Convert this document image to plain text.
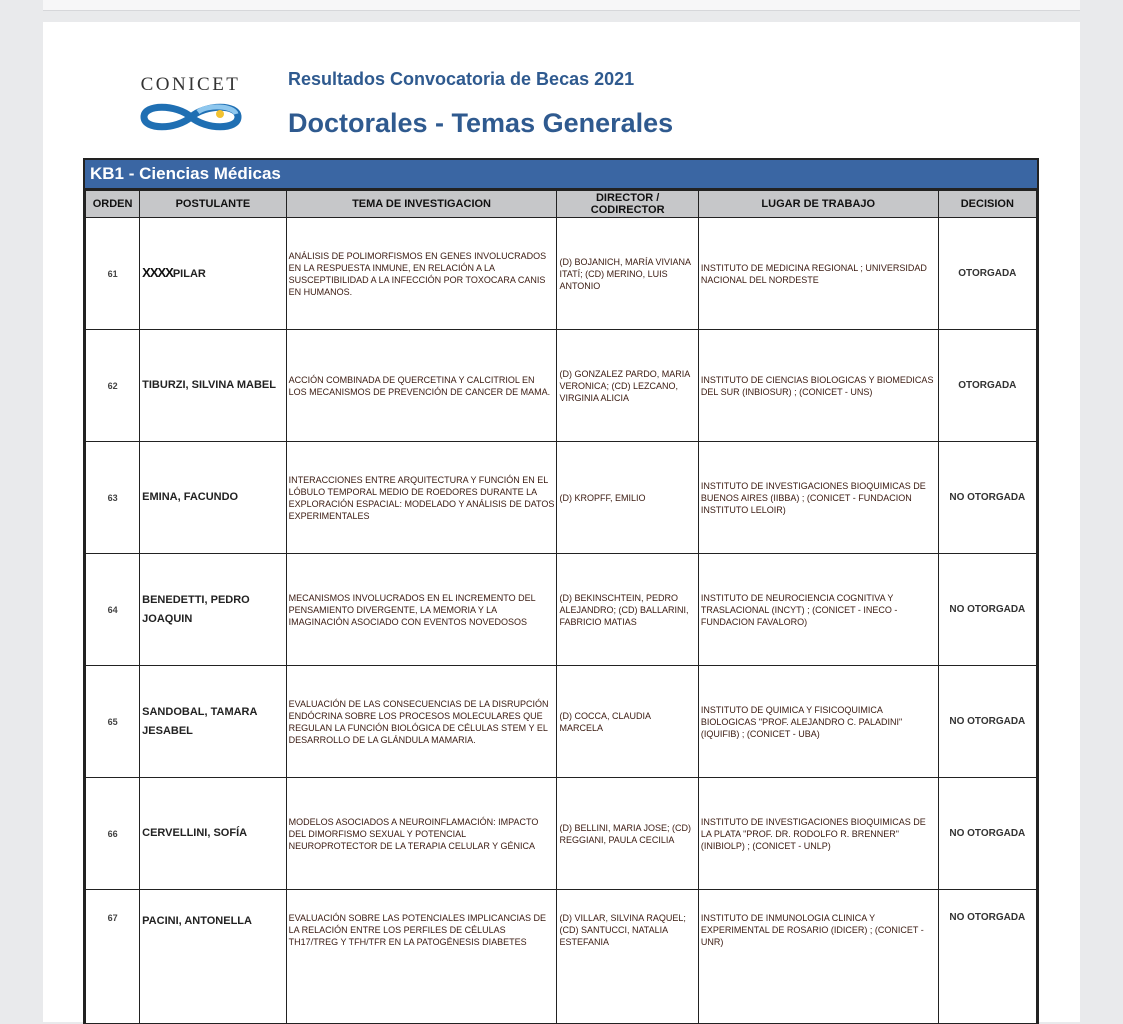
CONICET	Resultados Convocatoria de Becas 2021
Doctorales - Temas Generales
KB1 - Ciencias Médicas
ORDEN	POSTULANTE	TEMA DE INVESTIGACION	DIRECTOR / CODIRECTOR	LUGAR DE TRABAJO	DECISION
61	XXXXPILAR	ANÁLISIS DE POLIMORFISMOS EN GENES INVOLUCRADOS EN LA RESPUESTA INMUNE, EN RELACIÓN A LA SUSCEPTIBILIDAD A LA INFECCIÓN POR TOXOCARA CANIS EN HUMANOS.	(D) BOJANICH, MARÍA VIVIANA ITATÍ; (CD) MERINO, LUIS ANTONIO	INSTITUTO DE MEDICINA REGIONAL ; UNIVERSIDAD NACIONAL DEL NORDESTE	OTORGADA
62	TIBURZI, SILVINA MABEL	ACCIÓN COMBINADA DE QUERCETINA Y CALCITRIOL EN LOS MECANISMOS DE PREVENCIÓN DE CANCER DE MAMA.	(D) GONZALEZ PARDO, MARIA VERONICA; (CD) LEZCANO, VIRGINIA ALICIA	INSTITUTO DE CIENCIAS BIOLOGICAS Y BIOMEDICAS DEL SUR (INBIOSUR) ; (CONICET - UNS)	OTORGADA
63	EMINA, FACUNDO	INTERACCIONES ENTRE ARQUITECTURA Y FUNCIÓN EN EL LÓBULO TEMPORAL MEDIO DE ROEDORES DURANTE LA EXPLORACIÓN ESPACIAL: MODELADO Y ANÁLISIS DE DATOS EXPERIMENTALES	(D) KROPFF, EMILIO	INSTITUTO DE INVESTIGACIONES BIOQUIMICAS DE BUENOS AIRES (IIBBA) ; (CONICET - FUNDACION INSTITUTO LELOIR)	NO OTORGADA
64	BENEDETTI, PEDRO JOAQUIN	MECANISMOS INVOLUCRADOS EN EL INCREMENTO DEL PENSAMIENTO DIVERGENTE, LA MEMORIA Y LA IMAGINACIÓN ASOCIADO CON EVENTOS NOVEDOSOS	(D) BEKINSCHTEIN, PEDRO ALEJANDRO; (CD) BALLARINI, FABRICIO MATIAS	INSTITUTO DE NEUROCIENCIA COGNITIVA Y TRASLACIONAL (INCYT) ; (CONICET - INECO - FUNDACION FAVALORO)	NO OTORGADA
65	SANDOBAL, TAMARA JESABEL	EVALUACIÓN DE LAS CONSECUENCIAS DE LA DISRUPCIÓN ENDÓCRINA SOBRE LOS PROCESOS MOLECULARES QUE REGULAN LA FUNCIÓN BIOLÓGICA DE CÉLULAS STEM Y EL DESARROLLO DE LA GLÁNDULA MAMARIA.	(D) COCCA, CLAUDIA MARCELA	INSTITUTO DE QUIMICA Y FISICOQUIMICA BIOLOGICAS "PROF. ALEJANDRO C. PALADINI" (IQUIFIB) ; (CONICET - UBA)	NO OTORGADA
66	CERVELLINI, SOFÍA	MODELOS ASOCIADOS A NEUROINFLAMACIÓN: IMPACTO DEL DIMORFISMO SEXUAL Y POTENCIAL NEUROPROTECTOR DE LA TERAPIA CELULAR Y GÉNICA	(D) BELLINI, MARIA JOSE; (CD) REGGIANI, PAULA CECILIA	INSTITUTO DE INVESTIGACIONES BIOQUIMICAS DE LA PLATA "PROF. DR. RODOLFO R. BRENNER" (INIBIOLP) ; (CONICET - UNLP)	NO OTORGADA
67	PACINI, ANTONELLA	EVALUACIÓN SOBRE LAS POTENCIALES IMPLICANCIAS DE LA RELACIÓN ENTRE LOS PERFILES DE CÉLULAS TH17/TREG Y TFH/TFR EN LA PATOGÉNESIS DIABETES	(D) VILLAR, SILVINA RAQUEL; (CD) SANTUCCI, NATALIA ESTEFANIA	INSTITUTO DE INMUNOLOGIA CLINICA Y EXPERIMENTAL DE ROSARIO (IDICER) ; (CONICET - UNR)	NO OTORGADA
